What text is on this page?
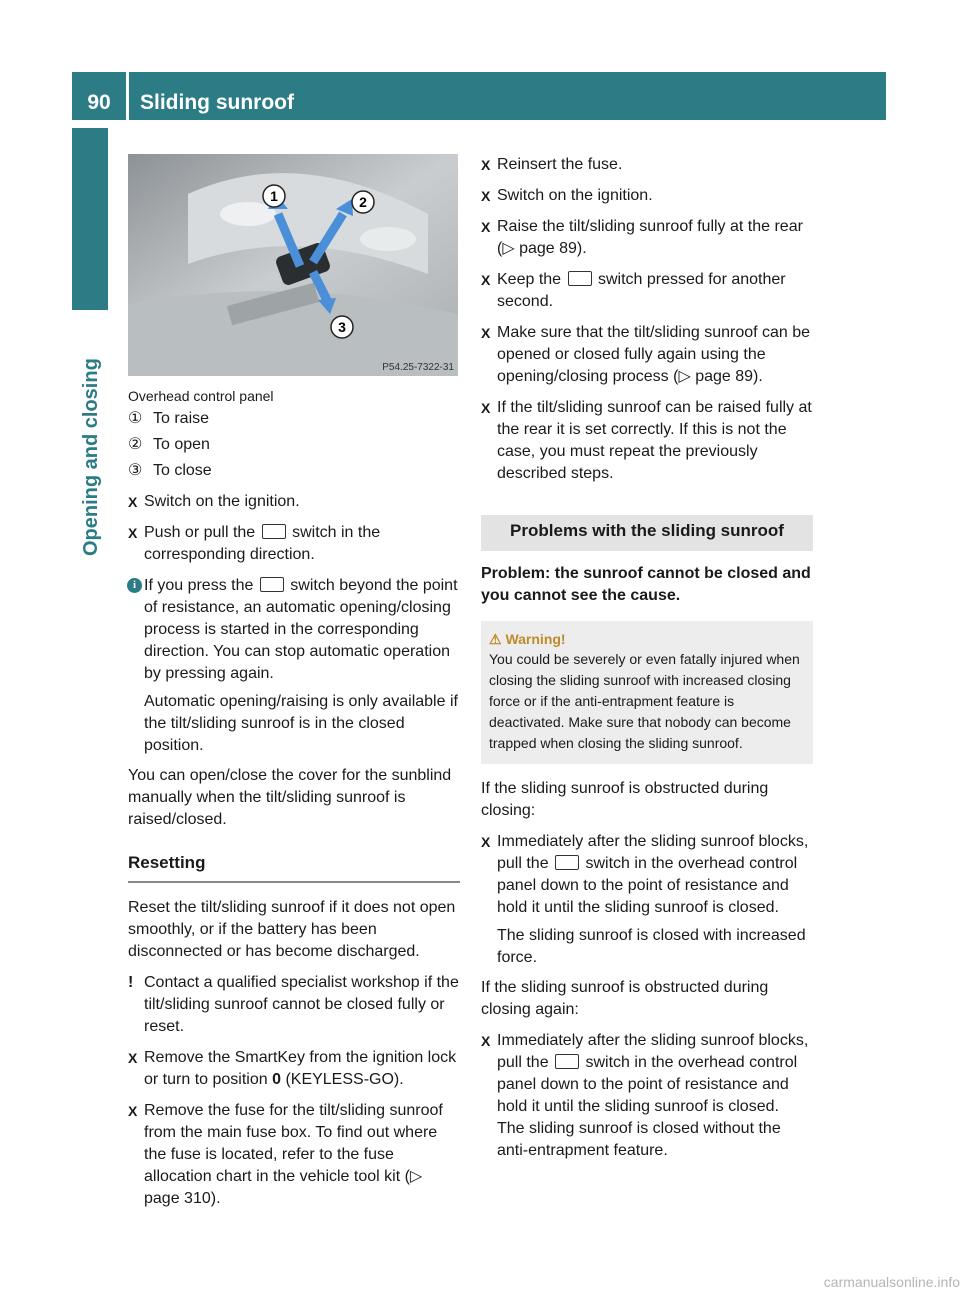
90	Sliding sunroof
Opening and closing
1	2
3
P54.25-7322-31
Overhead control panel
① To raise
② To open
③ To close
X Switch on the ignition.
X Push or pull the switch in the corresponding direction.
i If you press the switch beyond the point of resistance, an automatic opening/closing process is started in the corresponding direction. You can stop automatic operation by pressing again.
Automatic opening/raising is only available if the tilt/sliding sunroof is in the closed position.
You can open/close the cover for the sunblind manually when the tilt/sliding sunroof is raised/closed.
Resetting
Reset the tilt/sliding sunroof if it does not open smoothly, or if the battery has been disconnected or has become discharged.
! Contact a qualified specialist workshop if the tilt/sliding sunroof cannot be closed fully or reset.
X Remove the SmartKey from the ignition lock or turn to position 0 (KEYLESS-GO).
X Remove the fuse for the tilt/sliding sunroof from the main fuse box. To find out where the fuse is located, refer to the fuse allocation chart in the vehicle tool kit (▷ page 310).
X Reinsert the fuse.
X Switch on the ignition.
X Raise the tilt/sliding sunroof fully at the rear (▷ page 89).
X Keep the switch pressed for another second.
X Make sure that the tilt/sliding sunroof can be opened or closed fully again using the opening/closing process (▷ page 89).
X If the tilt/sliding sunroof can be raised fully at the rear it is set correctly. If this is not the case, you must repeat the previously described steps.
Problems with the sliding sunroof
Problem: the sunroof cannot be closed and you cannot see the cause.
⚠ Warning!
You could be severely or even fatally injured when closing the sliding sunroof with increased closing force or if the anti-entrapment feature is deactivated. Make sure that nobody can become trapped when closing the sliding sunroof.
If the sliding sunroof is obstructed during closing:
X Immediately after the sliding sunroof blocks, pull the switch in the overhead control panel down to the point of resistance and hold it until the sliding sunroof is closed.
The sliding sunroof is closed with increased force.
If the sliding sunroof is obstructed during closing again:
X Immediately after the sliding sunroof blocks, pull the switch in the overhead control panel down to the point of resistance and hold it until the sliding sunroof is closed.
The sliding sunroof is closed without the anti-entrapment feature.
carmanualsonline.info
